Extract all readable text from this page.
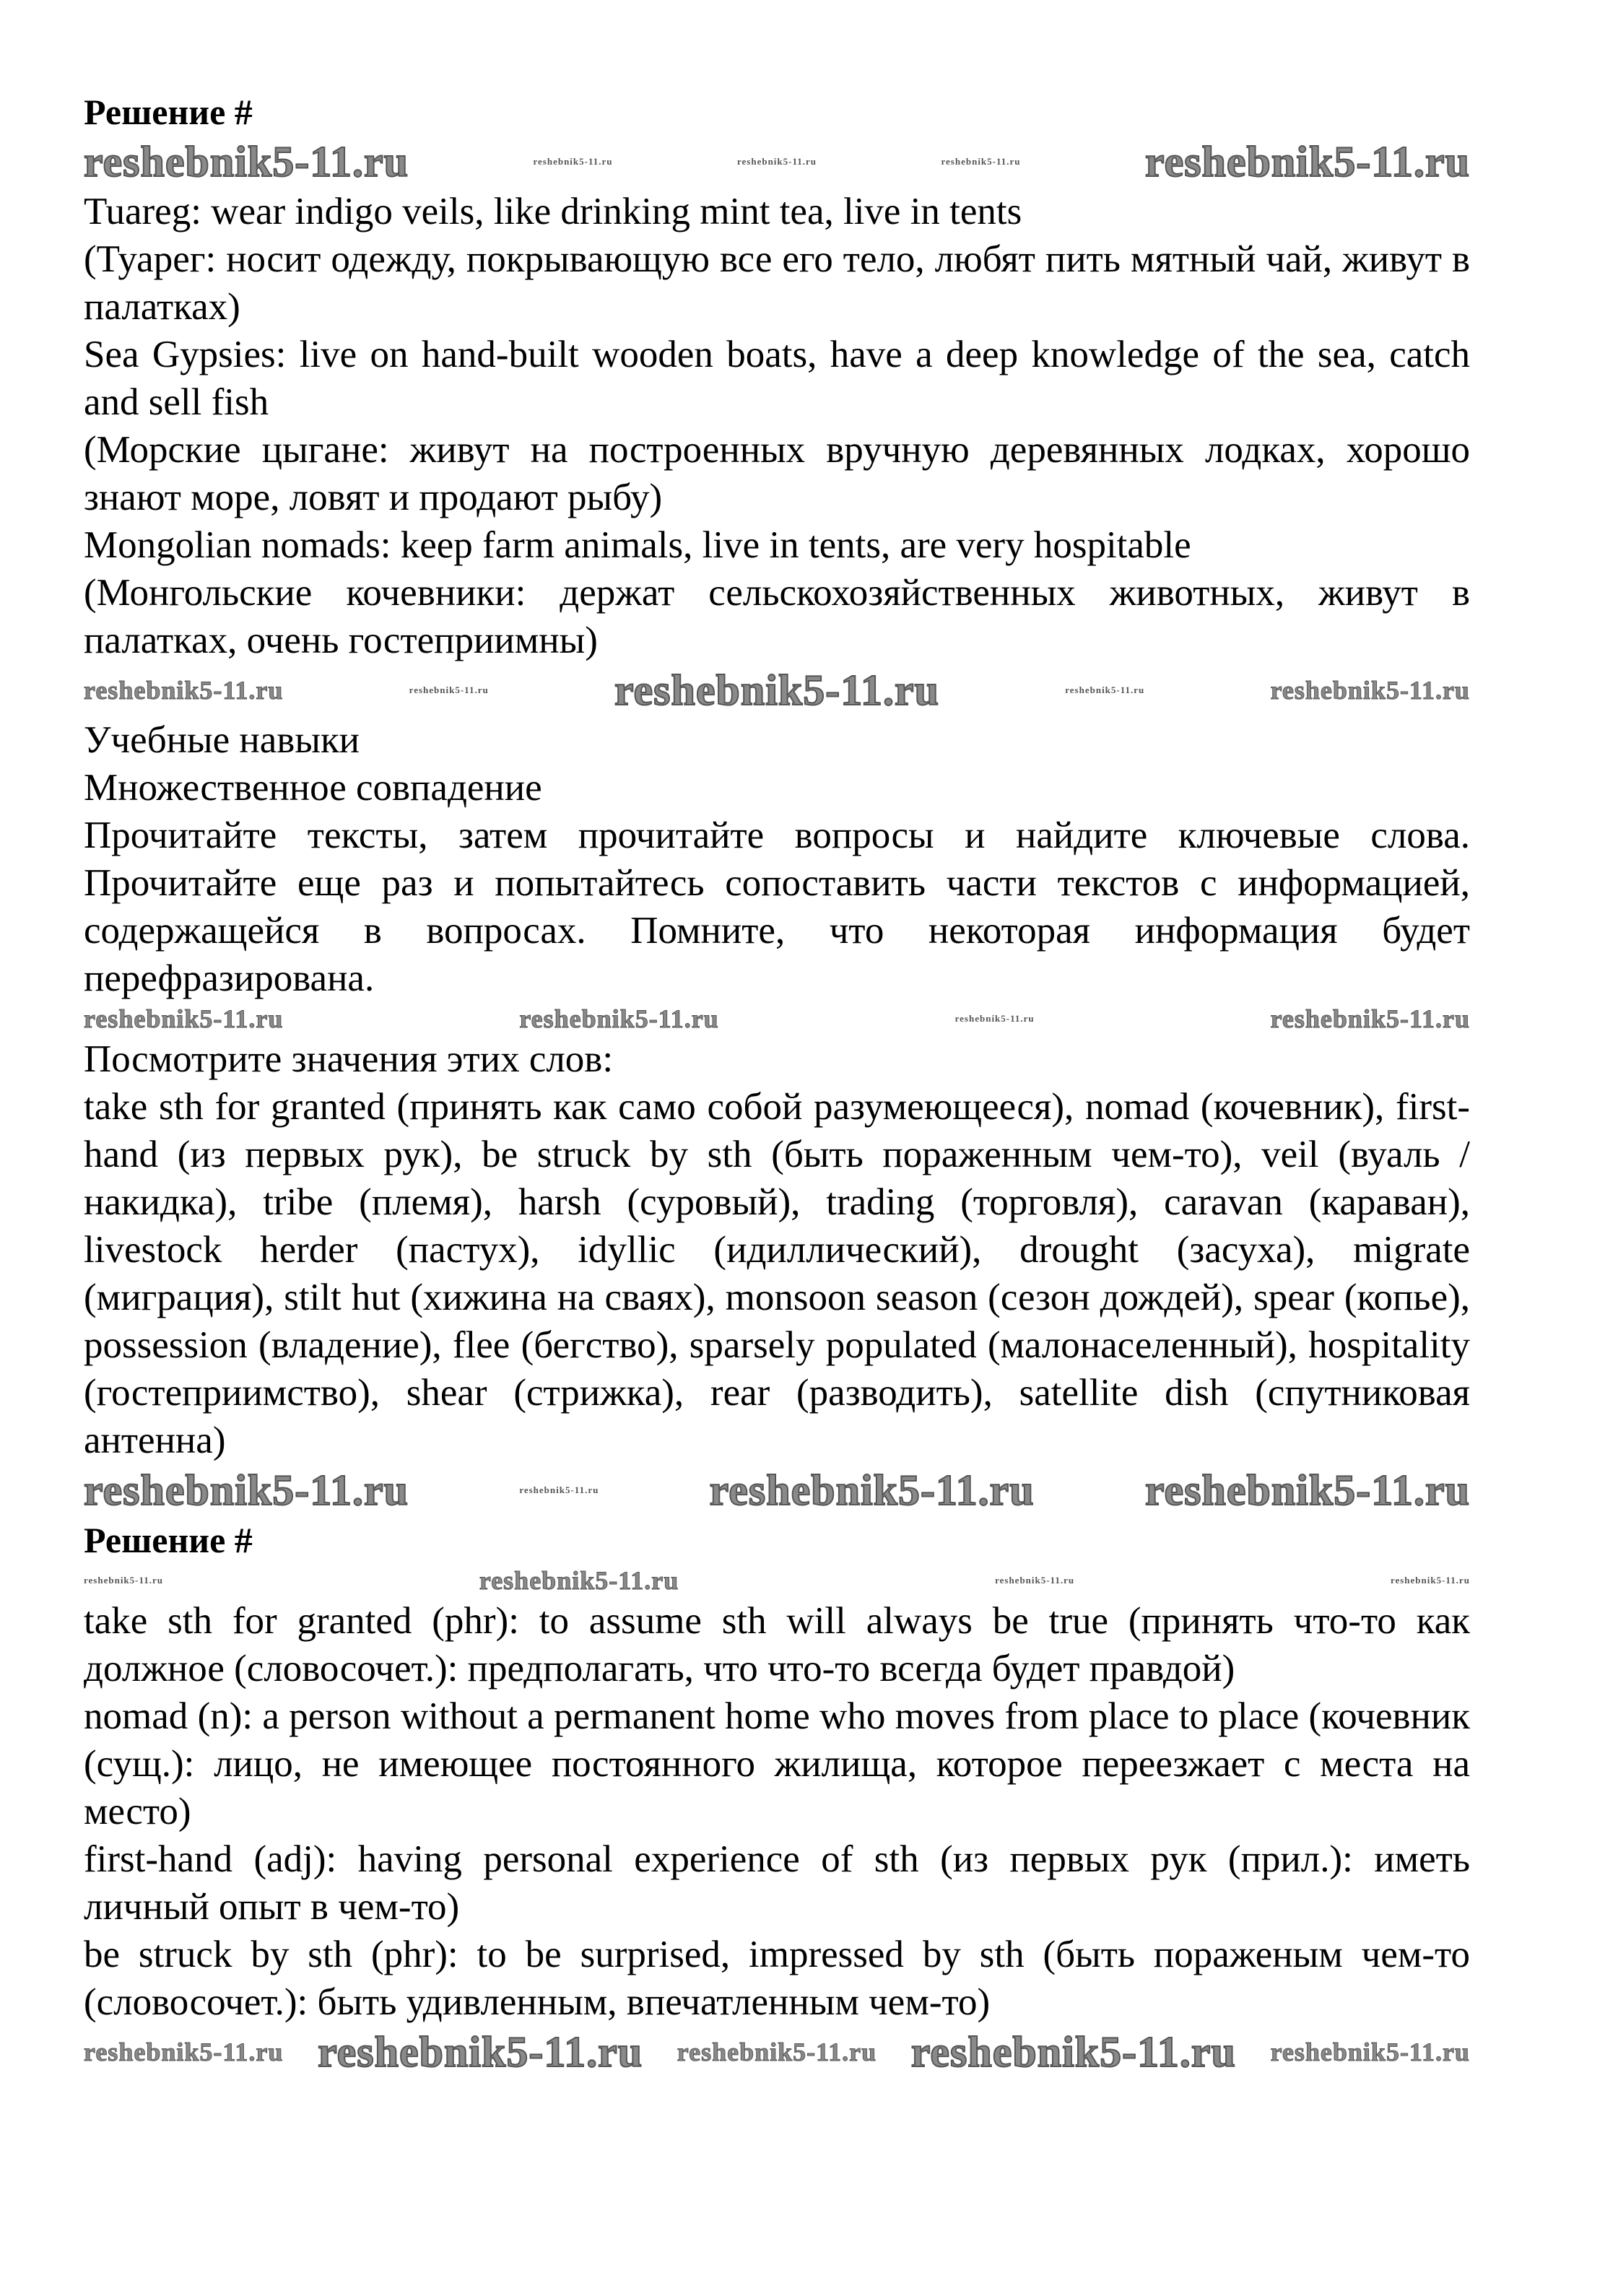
Решение #
reshebnik5-11.ru	reshebnik5-11.ru	reshebnik5-11.ru	reshebnik5-11.ru	reshebnik5-11.ru

Tuareg: wear indigo veils, like drinking mint tea, live in tents

(Туарег: носит одежду, покрывающую все его тело, любят пить мятный чай, живут в палатках)

Sea Gypsies: live on hand-built wooden boats, have a deep knowledge of the sea, catch and sell fish

(Морские цыгане: живут на построенных вручную деревянных лодках, хорошо знают море, ловят и продают рыбу)

Mongolian nomads: keep farm animals, live in tents, are very hospitable

(Монгольские кочевники: держат сельскохозяйственных животных, живут в палатках, очень гостеприимны)

reshebnik5-11.ru	reshebnik5-11.ru	reshebnik5-11.ru	reshebnik5-11.ru	reshebnik5-11.ru

Учебные навыки

Множественное совпадение

Прочитайте тексты, затем прочитайте вопросы и найдите ключевые слова. Прочитайте еще раз и попытайтесь сопоставить части текстов с информацией, содержащейся в вопросах. Помните, что некоторая информация будет перефразирована.

reshebnik5-11.ru	reshebnik5-11.ru	reshebnik5-11.ru	reshebnik5-11.ru

Посмотрите значения этих слов:

take sth for granted (принять как само собой разумеющееся), nomad (кочевник), first-hand (из первых рук), be struck by sth (быть пораженным чем-то), veil (вуаль / накидка), tribe (племя), harsh (суровый), trading (торговля), caravan (караван), livestock herder (пастух), idyllic (идиллический), drought (засуха), migrate (миграция), stilt hut (хижина на сваях), monsoon season (сезон дождей), spear (копье), possession (владение), flee (бегство), sparsely populated (малонаселенный), hospitality (гостеприимство), shear (стрижка), rear (разводить), satellite dish (спутниковая антенна)

reshebnik5-11.ru	reshebnik5-11.ru	reshebnik5-11.ru	reshebnik5-11.ru
Решение #
reshebnik5-11.ru	reshebnik5-11.ru	reshebnik5-11.ru	reshebnik5-11.ru

take sth for granted (phr): to assume sth will always be true (принять что-то как должное (словосочет.): предполагать, что что-то всегда будет правдой)

nomad (n): a person without a permanent home who moves from place to place (кочевник (сущ.): лицо, не имеющее постоянного жилища, которое переезжает с места на место)

first-hand (adj): having personal experience of sth (из первых рук (прил.): иметь личный опыт в чем-то)

be struck by sth (phr): to be surprised, impressed by sth (быть пораженым чем-то (словосочет.): быть удивленным, впечатленным чем-то)

reshebnik5-11.ru reshebnik5-11.ru reshebnik5-11.ru reshebnik5-11.ru reshebnik5-11.ru
